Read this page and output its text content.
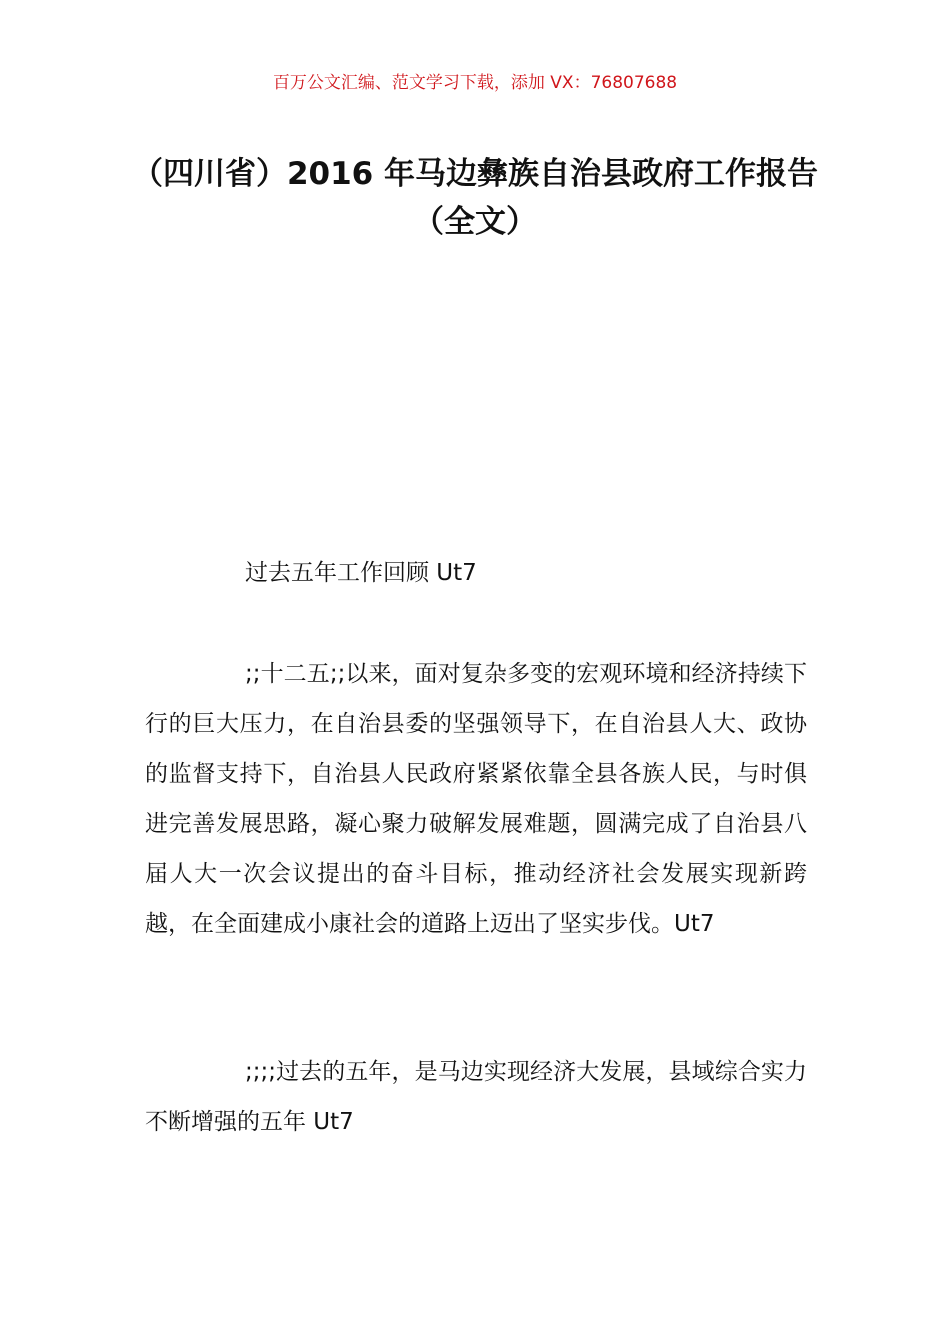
百万公文汇编、范文学习下载，添加 VX：76807688
（四川省）2016 年马边彝族自治县政府工作报告（全文）
过去五年工作回顾 Ut7
;;十二五;;以来，面对复杂多变的宏观环境和经济持续下行的巨大压力，在自治县委的坚强领导下，在自治县人大、政协的监督支持下，自治县人民政府紧紧依靠全县各族人民，与时俱进完善发展思路，凝心聚力破解发展难题，圆满完成了自治县八届人大一次会议提出的奋斗目标，推动经济社会发展实现新跨越，在全面建成小康社会的道路上迈出了坚实步伐。Ut7
;;;;过去的五年，是马边实现经济大发展，县域综合实力不断增强的五年 Ut7
